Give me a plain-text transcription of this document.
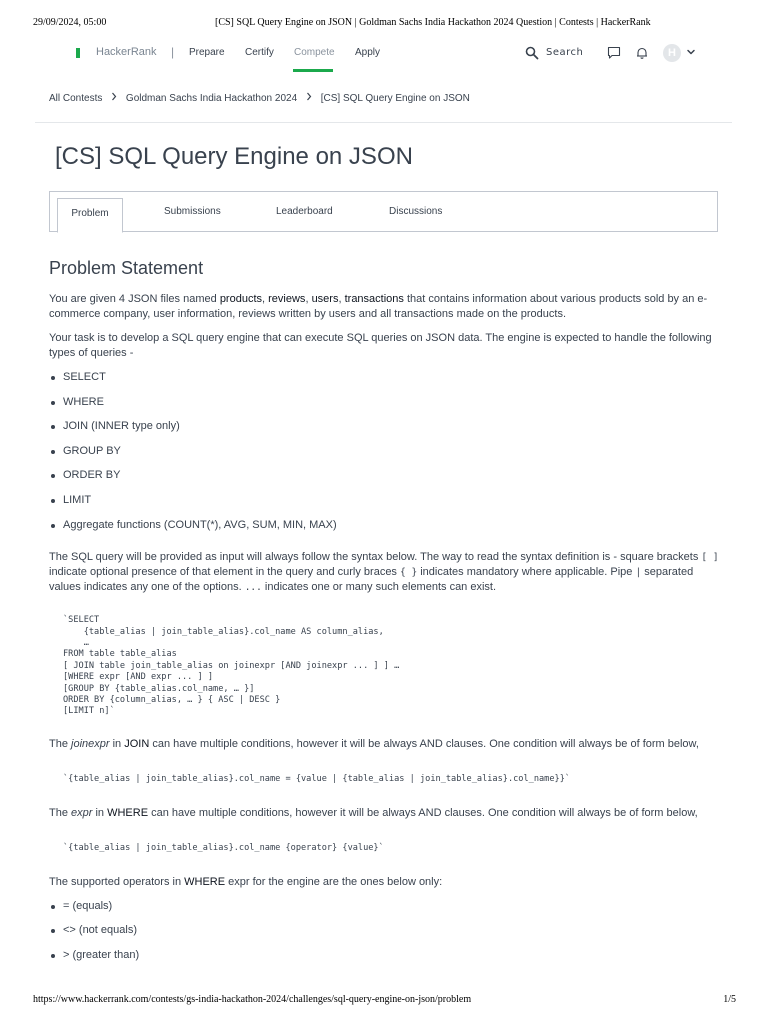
29/09/2024, 05:00	[CS] SQL Query Engine on JSON | Goldman Sachs India Hackathon 2024 Question | Contests | HackerRank
HackerRank | Prepare Certify Compete Apply	Search	H
All Contests Goldman Sachs India Hackathon 2024 [CS] SQL Query Engine on JSON
[CS] SQL Query Engine on JSON
Problem	Submissions	Leaderboard	Discussions
Problem Statement

You are given 4 JSON files named products, reviews, users, transactions that contains information about various products sold by an e-commerce company, user information, reviews written by users and all transactions made on the products.

Your task is to develop a SQL query engine that can execute SQL queries on JSON data. The engine is expected to handle the following types of queries -

SELECT
WHERE
JOIN (INNER type only)
GROUP BY
ORDER BY
LIMIT
Aggregate functions (COUNT(*), AVG, SUM, MIN, MAX)

The SQL query will be provided as input will always follow the syntax below. The way to read the syntax definition is - square brackets [ ] indicate optional presence of that element in the query and curly braces { } indicates mandatory where applicable. Pipe | separated values indicates any one of the options. ... indicates one or many such elements can exist.

`SELECT
{table_alias | join_table_alias}.col_name AS column_alias,
…
FROM table table_alias
[ JOIN table join_table_alias on joinexpr [AND joinexpr ... ] ] …
[WHERE expr [AND expr ... ] ]
[GROUP BY {table_alias.col_name, … }]
ORDER BY {column_alias, … } { ASC | DESC }
[LIMIT n]`

The joinexpr in JOIN can have multiple conditions, however it will be always AND clauses. One condition will always be of form below,

`{table_alias | join_table_alias}.col_name = {value | {table_alias | join_table_alias}.col_name}}`

The expr in WHERE can have multiple conditions, however it will be always AND clauses. One condition will always be of form below,

`{table_alias | join_table_alias}.col_name {operator} {value}`

The supported operators in WHERE expr for the engine are the ones below only:

= (equals)
<> (not equals)
> (greater than)
https://www.hackerrank.com/contests/gs-india-hackathon-2024/challenges/sql-query-engine-on-json/problem	1/5
